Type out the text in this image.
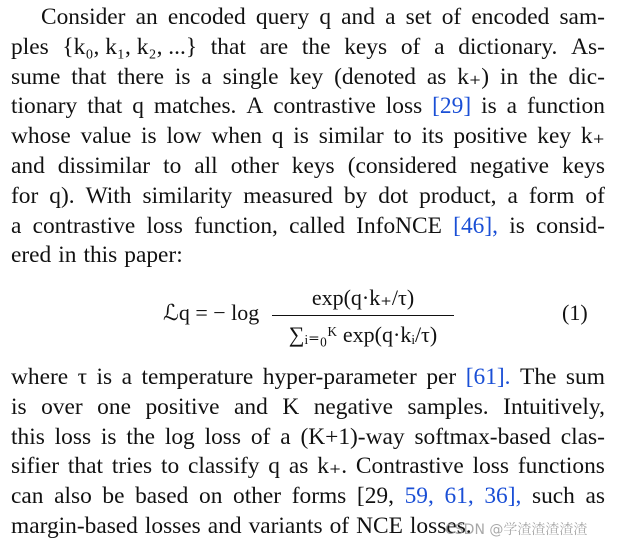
Consider an encoded query q and a set of encoded sam-
ples {k₀, k₁, k₂, ...} that are the keys of a dictionary. As-
sume that there is a single key (denoted as k₊) in the dic-
tionary that q matches. A contrastive loss [29] is a function
whose value is low when q is similar to its positive key k₊
and dissimilar to all other keys (considered negative keys
for q). With similarity measured by dot product, a form of
a contrastive loss function, called InfoNCE [46], is consid-
ered in this paper:
ℒq = − log
exp(q·k₊/τ)
∑ᵢ₌₀ᴷ exp(q·kᵢ/τ)
(1)
where τ is a temperature hyper-parameter per [61]. The sum
is over one positive and K negative samples. Intuitively,
this loss is the log loss of a (K+1)-way softmax-based clas-
sifier that tries to classify q as k₊. Contrastive loss functions
can also be based on other forms [29, 59, 61, 36], such as
margin-based losses and variants of NCE losses.
CSDN @学渣渣渣渣渣
